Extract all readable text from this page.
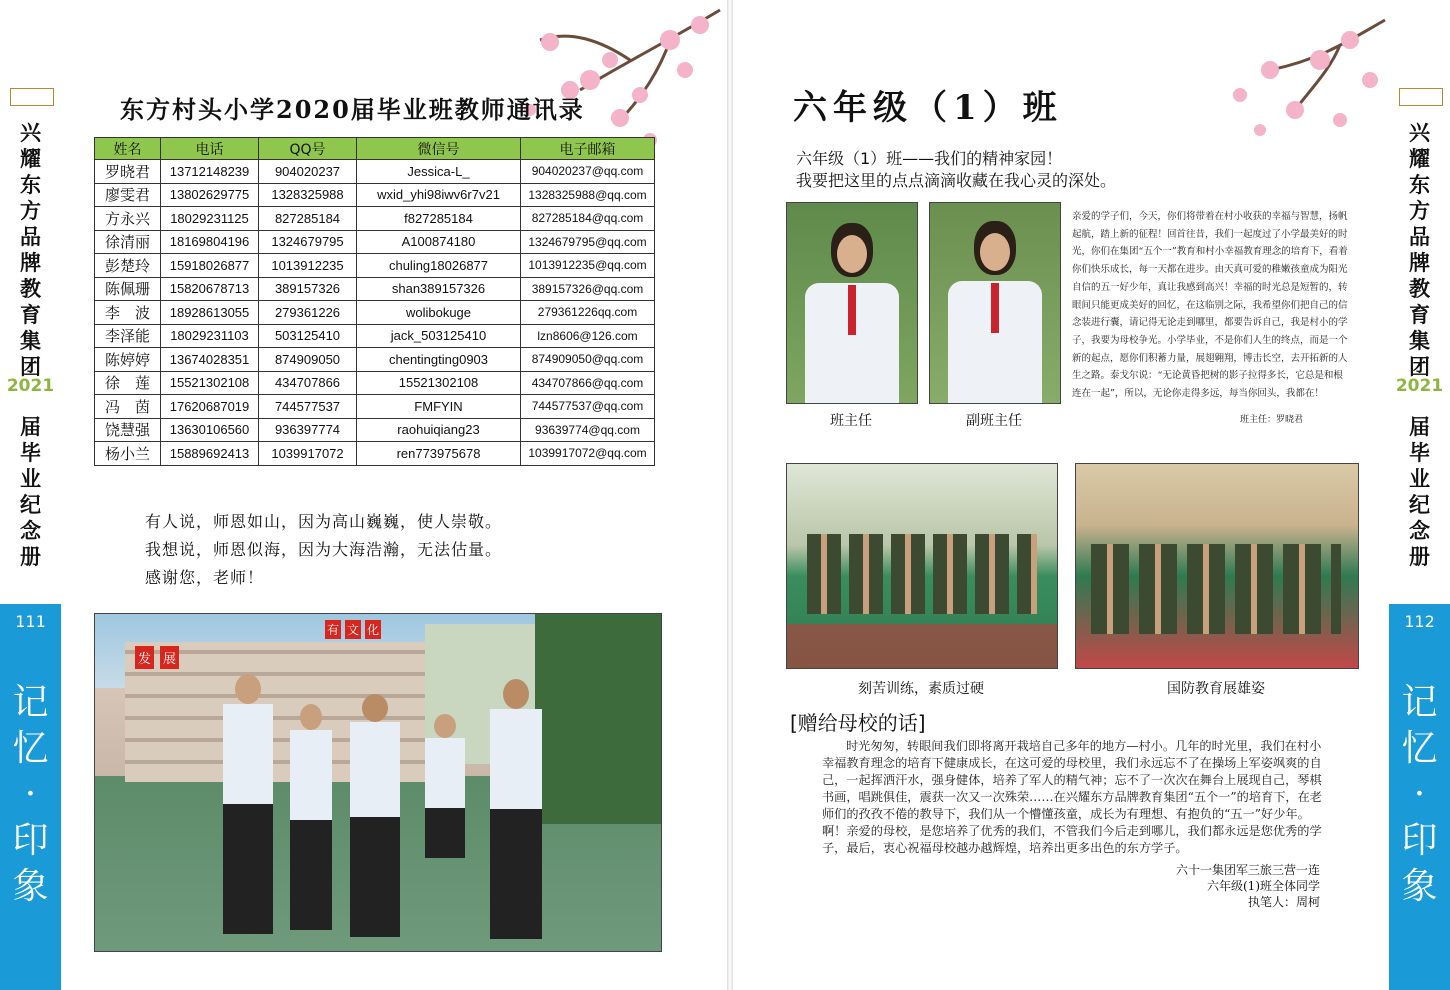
兴耀东方品牌教育集团
2021
届毕业纪念册
111
记忆·印象
兴耀东方品牌教育集团
2021
届毕业纪念册
112
记忆·印象
东方村头小学2020届毕业班教师通讯录
姓名	电话	QQ号	微信号	电子邮箱
罗晓君	13712148239	904020237	Jessica-L_	904020237@qq.com
廖雯君	13802629775	1328325988	wxid_yhi98iwv6r7v21	1328325988@qq.com
方永兴	18029231125	827285184	f827285184	827285184@qq.com
徐清丽	18169804196	1324679795	A100874180	1324679795@qq.com
彭楚玲	15918026877	1013912235	chuling18026877	1013912235@qq.com
陈佩珊	15820678713	389157326	shan389157326	389157326@qq.com
李　波	18928613055	279361226	wolibokuge	279361226qq.com
李泽能	18029231103	503125410	jack_503125410	lzn8606@126.com
陈婷婷	13674028351	874909050	chentingting0903	874909050@qq.com
徐　莲	15521302108	434707866	15521302108	434707866@qq.com
冯　茵	17620687019	744577537	FMFYIN	744577537@qq.com
饶慧强	13630106560	936397774	raohuiqiang23	93639774@qq.com
杨小兰	15889692413	1039917072	ren773975678	1039917072@qq.com
有人说，师恩如山，因为高山巍巍，使人崇敬。
我想说，师恩似海，因为大海浩瀚，无法估量。
感谢您，老师！
发 展
有 文 化
六年级（1）班
六年级（1）班——我们的精神家园！
我要把这里的点点滴滴收藏在我心灵的深处。
班主任	副班主任
亲爱的学子们，今天，你们将带着在村小收获的幸福与智慧，扬帆起航，踏上新的征程！回首往昔，我们一起度过了小学最美好的时光，你们在集团“五个一”教育和村小幸福教育理念的培育下，看着你们快乐成长，每一天都在进步。由天真可爱的稚嫩孩童成为阳光自信的五一好少年，真让我感到高兴！幸福的时光总是短暂的，转眼间只能更成美好的回忆，在这临别之际，我希望你们把自己的信念装进行囊，请记得无论走到哪里，都要告诉自己，我是村小的学子，我要为母校争光。小学毕业，不是你们人生的终点，而是一个新的起点，愿你们积蓄力量，展翅翱翔，博击长空，去开拓新的人生之路。泰戈尔说：“无论黄昏把树的影子拉得多长，它总是和根连在一起”，所以，无论你走得多远，每当你回头，我都在！
班主任：罗晓君
刻苦训练，素质过硬	国防教育展雄姿
[赠给母校的话]
时光匆匆，转眼间我们即将离开栽培自己多年的地方—村小。几年的时光里，我们在村小幸福教育理念的培育下健康成长，在这可爱的母校里，我们永远忘不了在操场上军姿飒爽的自己，一起挥洒汗水，强身健体，培养了军人的精气神；忘不了一次次在舞台上展现自己，琴棋书画，唱跳俱佳，震获一次又一次殊荣……在兴耀东方品牌教育集团“五个一”的培育下，在老师们的孜孜不倦的教导下，我们从一个懵懂孩童，成长为有理想、有抱负的“五一”好少年。啊！亲爱的母校，是您培养了优秀的我们，不管我们今后走到哪儿，我们都永远是您优秀的学子，最后，衷心祝福母校越办越辉煌，培养出更多出色的东方学子。
六十一集团军三旅三营一连
六年级(1)班全体同学
执笔人：周柯
